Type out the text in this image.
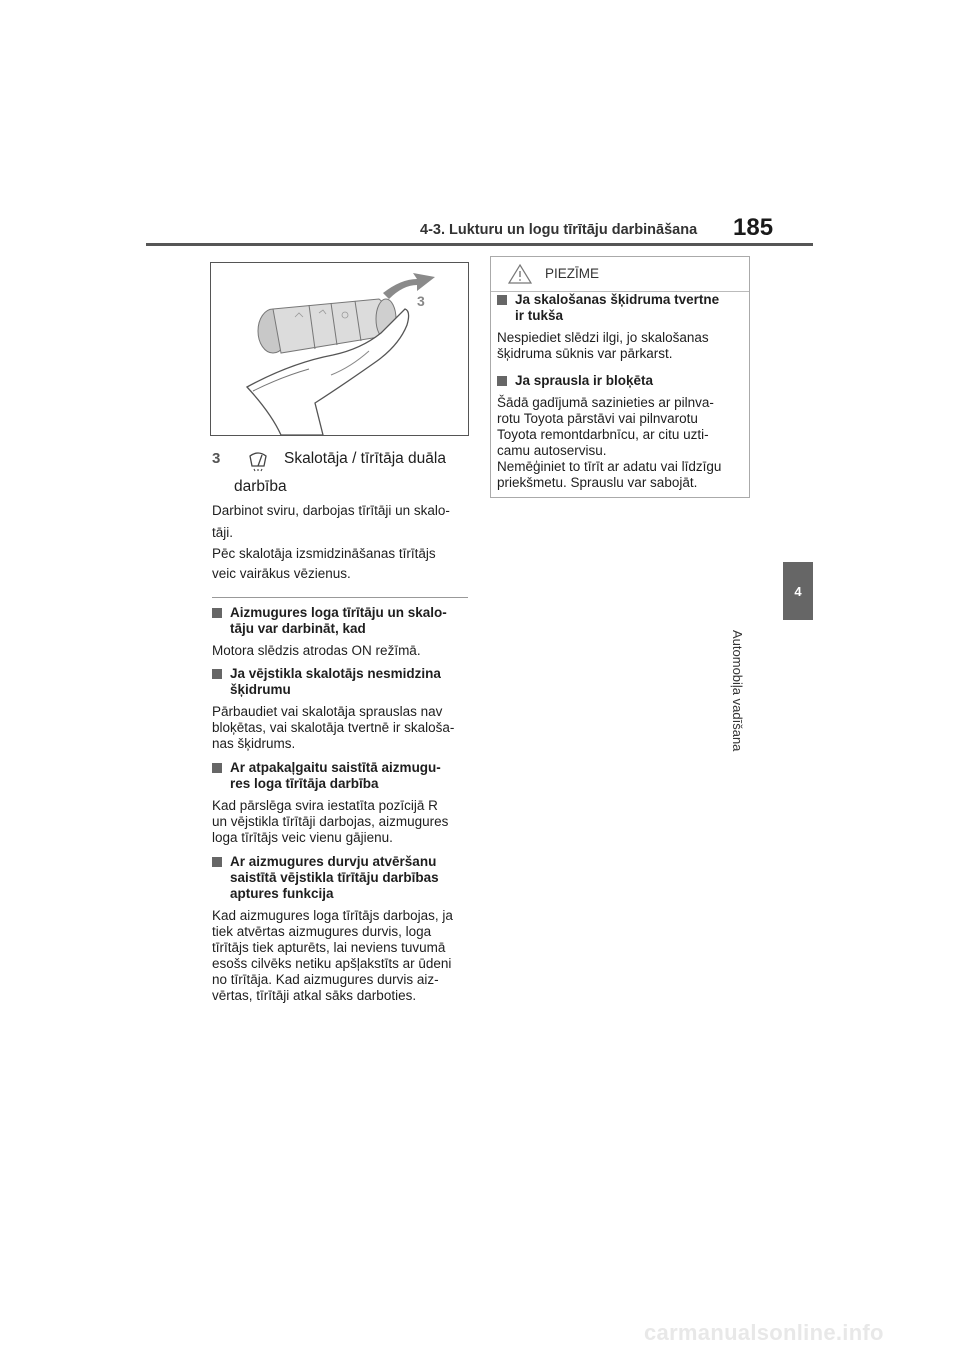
4-3. Lukturu un logu tīrītāju darbināšana 185
4
Automobiļa vadīšana
3
3	Skalotāja / tīrītāja duāla
darbība
Darbinot sviru, darbojas tīrītāji un skalo-
tāji.
Pēc skalotāja izsmidzināšanas tīrītājs
veic vairākus vēzienus.
Aizmugures loga tīrītāju un skalo-
tāju var darbināt, kad
Motora slēdzis atrodas ON režīmā.
Ja vējstikla skalotājs nesmidzina
šķidrumu
Pārbaudiet vai skalotāja sprauslas nav
bloķētas, vai skalotāja tvertnē ir skaloša-
nas šķidrums.
Ar atpakaļgaitu saistītā aizmugu-
res loga tīrītāja darbība
Kad pārslēga svira iestatīta pozīcijā R
un vējstikla tīrītāji darbojas, aizmugures
loga tīrītājs veic vienu gājienu.
Ar aizmugures durvju atvēršanu
saistītā vējstikla tīrītāju darbības
aptures funkcija
Kad aizmugures loga tīrītājs darbojas, ja
tiek atvērtas aizmugures durvis, loga
tīrītājs tiek apturēts, lai neviens tuvumā
esošs cilvēks netiku apšļakstīts ar ūdeni
no tīrītāja. Kad aizmugures durvis aiz-
vērtas, tīrītāji atkal sāks darboties.
PIEZĪME
Ja skalošanas šķidruma tvertne
ir tukša
Nespiediet slēdzi ilgi, jo skalošanas
šķidruma sūknis var pārkarst.
Ja sprausla ir bloķēta
Šādā gadījumā sazinieties ar pilnva-
rotu Toyota pārstāvi vai pilnvarotu
Toyota remontdarbnīcu, ar citu uzti-
camu autoservisu.
Nemēģiniet to tīrīt ar adatu vai līdzīgu
priekšmetu. Sprauslu var sabojāt.
carmanualsonline.info
